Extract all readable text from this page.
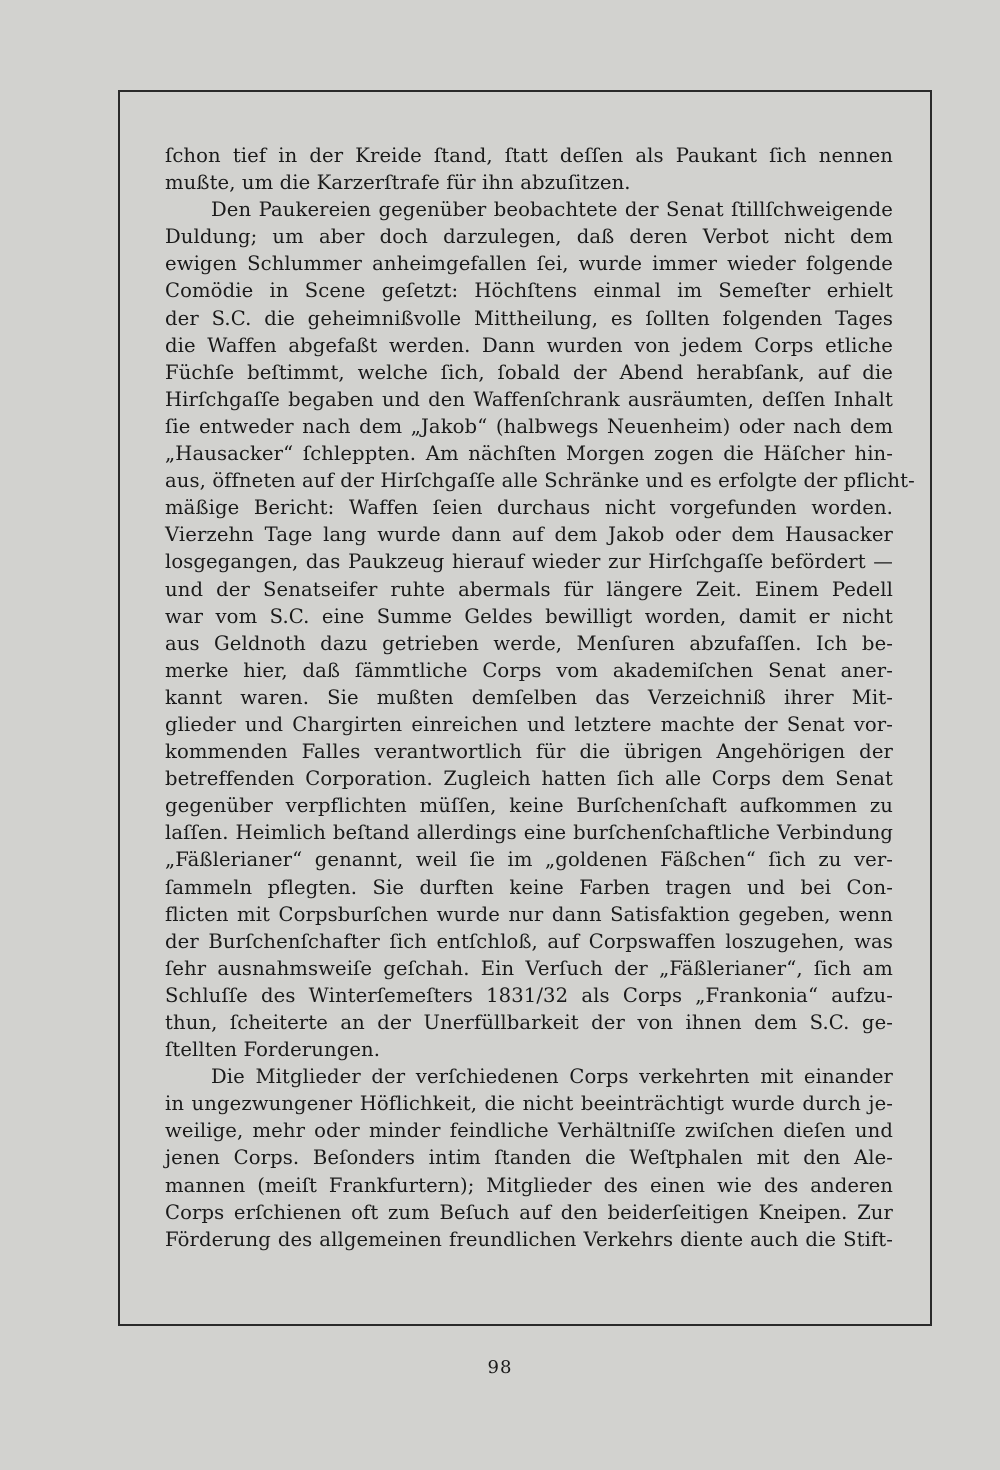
ſchon tief in der Kreide ſtand, ſtatt deſſen als Paukant ſich nennen
mußte, um die Karzerſtrafe für ihn abzuſitzen.
Den Paukereien gegenüber beobachtete der Senat ſtillſchweigende
Duldung; um aber doch darzulegen, daß deren Verbot nicht dem
ewigen Schlummer anheimgefallen ſei, wurde immer wieder folgende
Comödie in Scene geſetzt: Höchſtens einmal im Semeſter erhielt
der S.C. die geheimnißvolle Mittheilung, es ſollten folgenden Tages
die Waffen abgefaßt werden. Dann wurden von jedem Corps etliche
Füchſe beſtimmt, welche ſich, ſobald der Abend herabſank, auf die
Hirſchgaſſe begaben und den Waffenſchrank ausräumten, deſſen Inhalt
ſie entweder nach dem „Jakob“ (halbwegs Neuenheim) oder nach dem
„Hausacker“ ſchleppten. Am nächſten Morgen zogen die Häſcher hin-
aus, öffneten auf der Hirſchgaſſe alle Schränke und es erfolgte der pflicht-
mäßige Bericht: Waffen ſeien durchaus nicht vorgefunden worden.
Vierzehn Tage lang wurde dann auf dem Jakob oder dem Hausacker
losgegangen, das Paukzeug hierauf wieder zur Hirſchgaſſe befördert —
und der Senatseifer ruhte abermals für längere Zeit. Einem Pedell
war vom S.C. eine Summe Geldes bewilligt worden, damit er nicht
aus Geldnoth dazu getrieben werde, Menſuren abzufaſſen. Ich be-
merke hier, daß ſämmtliche Corps vom akademiſchen Senat aner-
kannt waren. Sie mußten demſelben das Verzeichniß ihrer Mit-
glieder und Chargirten einreichen und letztere machte der Senat vor-
kommenden Falles verantwortlich für die übrigen Angehörigen der
betreffenden Corporation. Zugleich hatten ſich alle Corps dem Senat
gegenüber verpflichten müſſen, keine Burſchenſchaft aufkommen zu
laſſen. Heimlich beſtand allerdings eine burſchenſchaftliche Verbindung
„Fäßlerianer“ genannt, weil ſie im „goldenen Fäßchen“ ſich zu ver-
ſammeln pflegten. Sie durften keine Farben tragen und bei Con-
flicten mit Corpsburſchen wurde nur dann Satisfaktion gegeben, wenn
der Burſchenſchafter ſich entſchloß, auf Corpswaffen loszugehen, was
ſehr ausnahmsweiſe geſchah. Ein Verſuch der „Fäßlerianer“, ſich am
Schluſſe des Winterſemeſters 1831/32 als Corps „Frankonia“ aufzu-
thun, ſcheiterte an der Unerfüllbarkeit der von ihnen dem S.C. ge-
ſtellten Forderungen.
Die Mitglieder der verſchiedenen Corps verkehrten mit einander
in ungezwungener Höflichkeit, die nicht beeinträchtigt wurde durch je-
weilige, mehr oder minder feindliche Verhältniſſe zwiſchen dieſen und
jenen Corps. Beſonders intim ſtanden die Weſtphalen mit den Ale-
mannen (meiſt Frankfurtern); Mitglieder des einen wie des anderen
Corps erſchienen oft zum Beſuch auf den beiderſeitigen Kneipen. Zur
Förderung des allgemeinen freundlichen Verkehrs diente auch die Stift-
98
